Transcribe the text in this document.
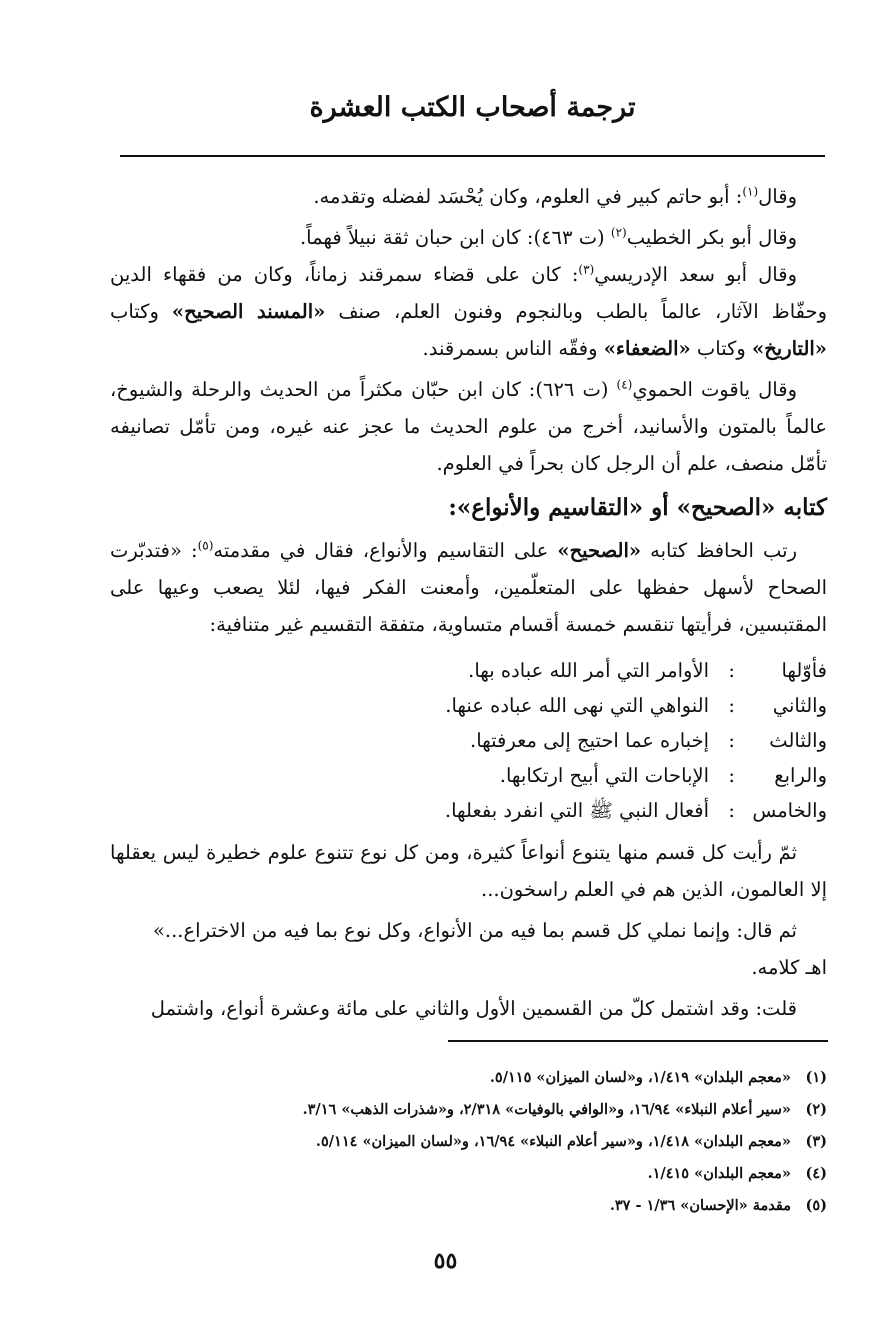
ترجمة أصحاب الكتب العشرة

وقال$^{(١)}$: أبو حاتم كبير في العلوم، وكان يُحْسَد لفضله وتقدمه.

وقال أبو بكر الخطيب$^{(٢)}$ (ت ٤٦٣): كان ابن حبان ثقة نبيلاً فهماً.

وقال أبو سعد الإدريسي$^{(٣)}$: كان على قضاء سمرقند زماناً، وكان من فقهاء الدين وحفّاظ الآثار، عالماً بالطب وبالنجوم وفنون العلم، صنف «المسند الصحيح» وكتاب «التاريخ» وكتاب «الضعفاء» وفقّه الناس بسمرقند.

وقال ياقوت الحموي$^{(٤)}$ (ت ٦٢٦): كان ابن حبّان مكثراً من الحديث والرحلة والشيوخ، عالماً بالمتون والأسانيد، أخرج من علوم الحديث ما عجز عنه غيره، ومن تأمّل تصانيفه تأمّل منصف، علم أن الرجل كان بحراً في العلوم.

كتابه «الصحيح» أو «التقاسيم والأنواع»:

رتب الحافظ كتابه «الصحيح» على التقاسيم والأنواع، فقال في مقدمته$^{(٥)}$: «فتدبّرت الصحاح لأسهل حفظها على المتعلّمين، وأمعنت الفكر فيها، لئلا يصعب وعيها على المقتبسين، فرأيتها تنقسم خمسة أقسام متساوية، متفقة التقسيم غير متنافية:

فأوّلها
:
الأوامر التي أمر الله عباده بها.
والثاني
:
النواهي التي نهى الله عباده عنها.
والثالث
:
إخباره عما احتيج إلى معرفتها.
والرابع
:
الإباحات التي أبيح ارتكابها.
والخامس
:
أفعال النبي ﷺ التي انفرد بفعلها.

ثمّ رأيت كل قسم منها يتنوع أنواعاً كثيرة، ومن كل نوع تتنوع علوم خطيرة ليس يعقلها إلا العالمون، الذين هم في العلم راسخون...

ثم قال: وإنما نملي كل قسم بما فيه من الأنواع، وكل نوع بما فيه من الاختراع...»

اهـ كلامه.

قلت: وقد اشتمل كلّ من القسمين الأول والثاني على مائة وعشرة أنواع، واشتمل

(١)
«معجم البلدان» ١/٤١٩، و«لسان الميزان» ٥/١١٥.
(٢)
«سير أعلام النبلاء» ١٦/٩٤، و«الوافي بالوفيات» ٢/٣١٨، و«شذرات الذهب» ٣/١٦.
(٣)
«معجم البلدان» ١/٤١٨، و«سير أعلام النبلاء» ١٦/٩٤، و«لسان الميزان» ٥/١١٤.
(٤)
«معجم البلدان» ١/٤١٥.
(٥)
مقدمة «الإحسان» ١/٣٦ - ٣٧.
٥٥
